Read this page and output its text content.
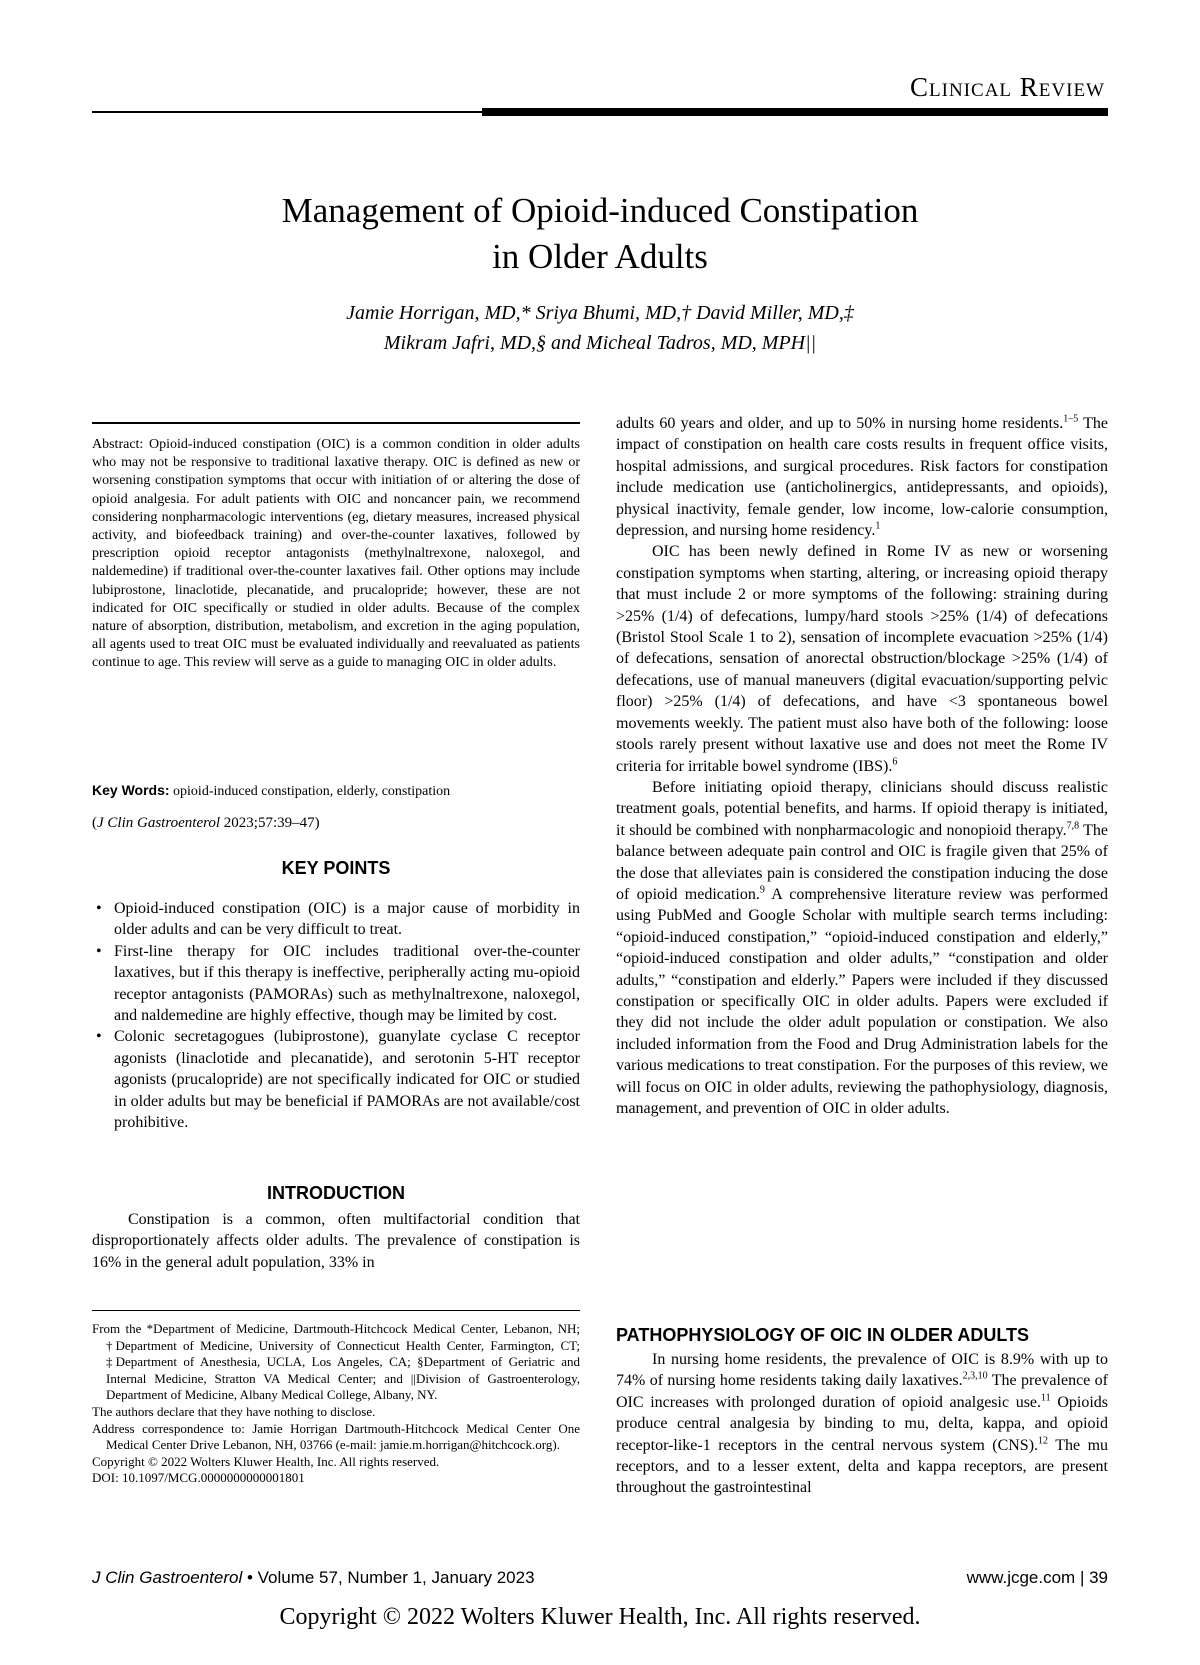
Clinical Review
Management of Opioid-induced Constipation
in Older Adults
Jamie Horrigan, MD,* Sriya Bhumi, MD,† David Miller, MD,‡
Mikram Jafri, MD,§ and Micheal Tadros, MD, MPH||
Abstract: Opioid-induced constipation (OIC) is a common condition in older adults who may not be responsive to traditional laxative therapy. OIC is defined as new or worsening constipation symptoms that occur with initiation of or altering the dose of opioid analgesia. For adult patients with OIC and noncancer pain, we recommend considering nonpharmacologic interventions (eg, dietary measures, increased physical activity, and biofeedback training) and over-the-counter laxatives, followed by prescription opioid receptor antagonists (methylnaltrexone, naloxegol, and naldemedine) if traditional over-the-counter laxatives fail. Other options may include lubiprostone, linaclotide, plecanatide, and prucalopride; however, these are not indicated for OIC specifically or studied in older adults. Because of the complex nature of absorption, distribution, metabolism, and excretion in the aging population, all agents used to treat OIC must be evaluated individually and reevaluated as patients continue to age. This review will serve as a guide to managing OIC in older adults.
Key Words: opioid-induced constipation, elderly, constipation
(J Clin Gastroenterol 2023;57:39–47)
KEY POINTS
• Opioid-induced constipation (OIC) is a major cause of morbidity in older adults and can be very difficult to treat.
• First-line therapy for OIC includes traditional over-the-counter laxatives, but if this therapy is ineffective, peripherally acting mu-opioid receptor antagonists (PAMORAs) such as methylnaltrexone, naloxegol, and naldemedine are highly effective, though may be limited by cost.
• Colonic secretagogues (lubiprostone), guanylate cyclase C receptor agonists (linaclotide and plecanatide), and serotonin 5-HT receptor agonists (prucalopride) are not specifically indicated for OIC or studied in older adults but may be beneficial if PAMORAs are not available/cost prohibitive.
INTRODUCTION

Constipation is a common, often multifactorial condition that disproportionately affects older adults. The prevalence of constipation is 16% in the general adult population, 33% in

From the *Department of Medicine, Dartmouth-Hitchcock Medical Center, Lebanon, NH; †Department of Medicine, University of Connecticut Health Center, Farmington, CT; ‡Department of Anesthesia, UCLA, Los Angeles, CA; §Department of Geriatric and Internal Medicine, Stratton VA Medical Center; and ||Division of Gastroenterology, Department of Medicine, Albany Medical College, Albany, NY.

The authors declare that they have nothing to disclose.

Address correspondence to: Jamie Horrigan Dartmouth-Hitchcock Medical Center One Medical Center Drive Lebanon, NH, 03766 (e-mail: jamie.m.horrigan@hitchcock.org).

Copyright © 2022 Wolters Kluwer Health, Inc. All rights reserved.

DOI: 10.1097/MCG.0000000000001801

adults 60 years and older, and up to 50% in nursing home residents.$^{1-5}$ The impact of constipation on health care costs results in frequent office visits, hospital admissions, and surgical procedures. Risk factors for constipation include medication use (anticholinergics, antidepressants, and opioids), physical inactivity, female gender, low income, low-calorie consumption, depression, and nursing home residency.$^1$

OIC has been newly defined in Rome IV as new or worsening constipation symptoms when starting, altering, or increasing opioid therapy that must include 2 or more symptoms of the following: straining during >25% (1/4) of defecations, lumpy/hard stools >25% (1/4) of defecations (Bristol Stool Scale 1 to 2), sensation of incomplete evacuation >25% (1/4) of defecations, sensation of anorectal obstruction/blockage >25% (1/4) of defecations, use of manual maneuvers (digital evacuation/supporting pelvic floor) >25% (1/4) of defecations, and have <3 spontaneous bowel movements weekly. The patient must also have both of the following: loose stools rarely present without laxative use and does not meet the Rome IV criteria for irritable bowel syndrome (IBS).$^6$

Before initiating opioid therapy, clinicians should discuss realistic treatment goals, potential benefits, and harms. If opioid therapy is initiated, it should be combined with nonpharmacologic and nonopioid therapy.$^{7,8}$ The balance between adequate pain control and OIC is fragile given that 25% of the dose that alleviates pain is considered the constipation inducing the dose of opioid medication.$^9$ A comprehensive literature review was performed using PubMed and Google Scholar with multiple search terms including: “opioid-induced constipation,” “opioid-induced constipation and elderly,” “opioid-induced constipation and older adults,” “constipation and older adults,” “constipation and elderly.” Papers were included if they discussed constipation or specifically OIC in older adults. Papers were excluded if they did not include the older adult population or constipation. We also included information from the Food and Drug Administration labels for the various medications to treat constipation. For the purposes of this review, we will focus on OIC in older adults, reviewing the pathophysiology, diagnosis, management, and prevention of OIC in older adults.

PATHOPHYSIOLOGY OF OIC IN OLDER ADULTS

In nursing home residents, the prevalence of OIC is 8.9% with up to 74% of nursing home residents taking daily laxatives.$^{2,3,10}$ The prevalence of OIC increases with prolonged duration of opioid analgesic use.$^{11}$ Opioids produce central analgesia by binding to mu, delta, kappa, and opioid receptor-like-1 receptors in the central nervous system (CNS).$^{12}$ The mu receptors, and to a lesser extent, delta and kappa receptors, are present throughout the gastrointestinal

J Clin Gastroenterol • Volume 57, Number 1, January 2023	www.jcge.com | 39
Copyright © 2022 Wolters Kluwer Health, Inc. All rights reserved.
